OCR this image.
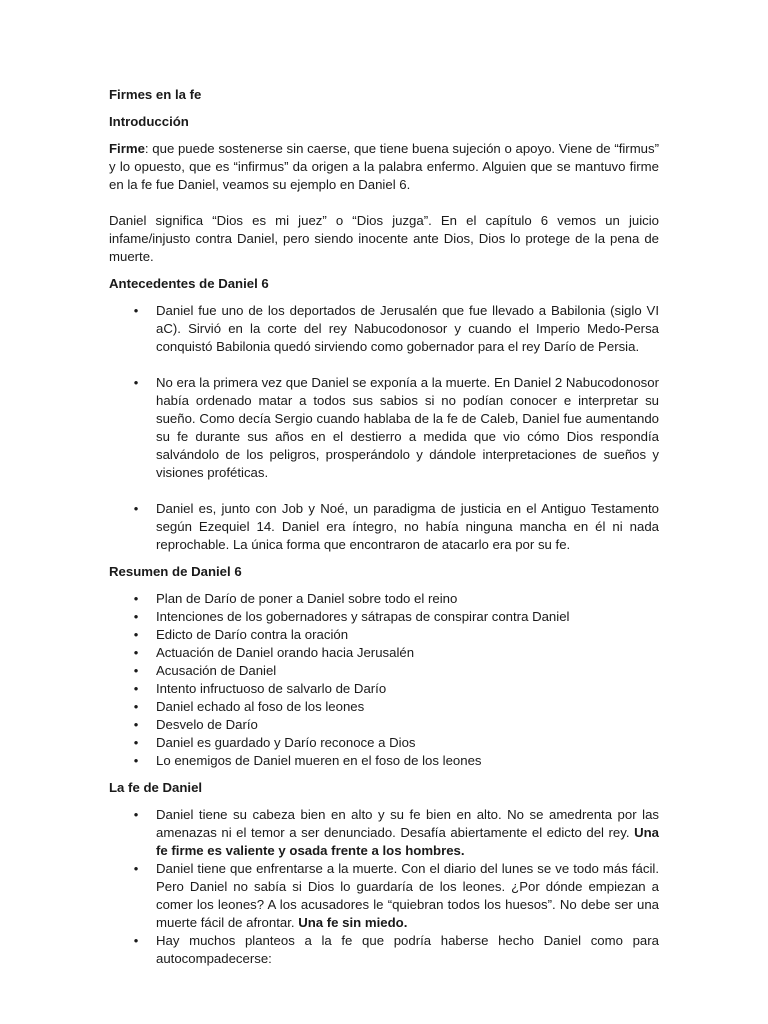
Firmes en la fe
Introducción

Firme: que puede sostenerse sin caerse, que tiene buena sujeción o apoyo. Viene de “firmus” y lo opuesto, que es “infirmus” da origen a la palabra enfermo. Alguien que se mantuvo firme en la fe fue Daniel, veamos su ejemplo en Daniel 6.

Daniel significa “Dios es mi juez” o “Dios juzga”. En el capítulo 6 vemos un juicio infame/injusto contra Daniel, pero siendo inocente ante Dios, Dios lo protege de la pena de muerte.

Antecedentes de Daniel 6
• Daniel fue uno de los deportados de Jerusalén que fue llevado a Babilonia (siglo VI aC). Sirvió en la corte del rey Nabucodonosor y cuando el Imperio Medo-Persa conquistó Babilonia quedó sirviendo como gobernador para el rey Darío de Persia.
• No era la primera vez que Daniel se exponía a la muerte. En Daniel 2 Nabucodonosor había ordenado matar a todos sus sabios si no podían conocer e interpretar su sueño. Como decía Sergio cuando hablaba de la fe de Caleb, Daniel fue aumentando su fe durante sus años en el destierro a medida que vio cómo Dios respondía salvándolo de los peligros, prosperándolo y dándole interpretaciones de sueños y visiones proféticas.
• Daniel es, junto con Job y Noé, un paradigma de justicia en el Antiguo Testamento según Ezequiel 14. Daniel era íntegro, no había ninguna mancha en él ni nada reprochable. La única forma que encontraron de atacarlo era por su fe.
Resumen de Daniel 6
• Plan de Darío de poner a Daniel sobre todo el reino
• Intenciones de los gobernadores y sátrapas de conspirar contra Daniel
• Edicto de Darío contra la oración
• Actuación de Daniel orando hacia Jerusalén
• Acusación de Daniel
• Intento infructuoso de salvarlo de Darío
• Daniel echado al foso de los leones
• Desvelo de Darío
• Daniel es guardado y Darío reconoce a Dios
• Lo enemigos de Daniel mueren en el foso de los leones
La fe de Daniel
• Daniel tiene su cabeza bien en alto y su fe bien en alto. No se amedrenta por las amenazas ni el temor a ser denunciado. Desafía abiertamente el edicto del rey. Una fe firme es valiente y osada frente a los hombres.
• Daniel tiene que enfrentarse a la muerte. Con el diario del lunes se ve todo más fácil. Pero Daniel no sabía si Dios lo guardaría de los leones. ¿Por dónde empiezan a comer los leones? A los acusadores le “quiebran todos los huesos”. No debe ser una muerte fácil de afrontar. Una fe sin miedo.
• Hay muchos planteos a la fe que podría haberse hecho Daniel como para autocompadecerse:
